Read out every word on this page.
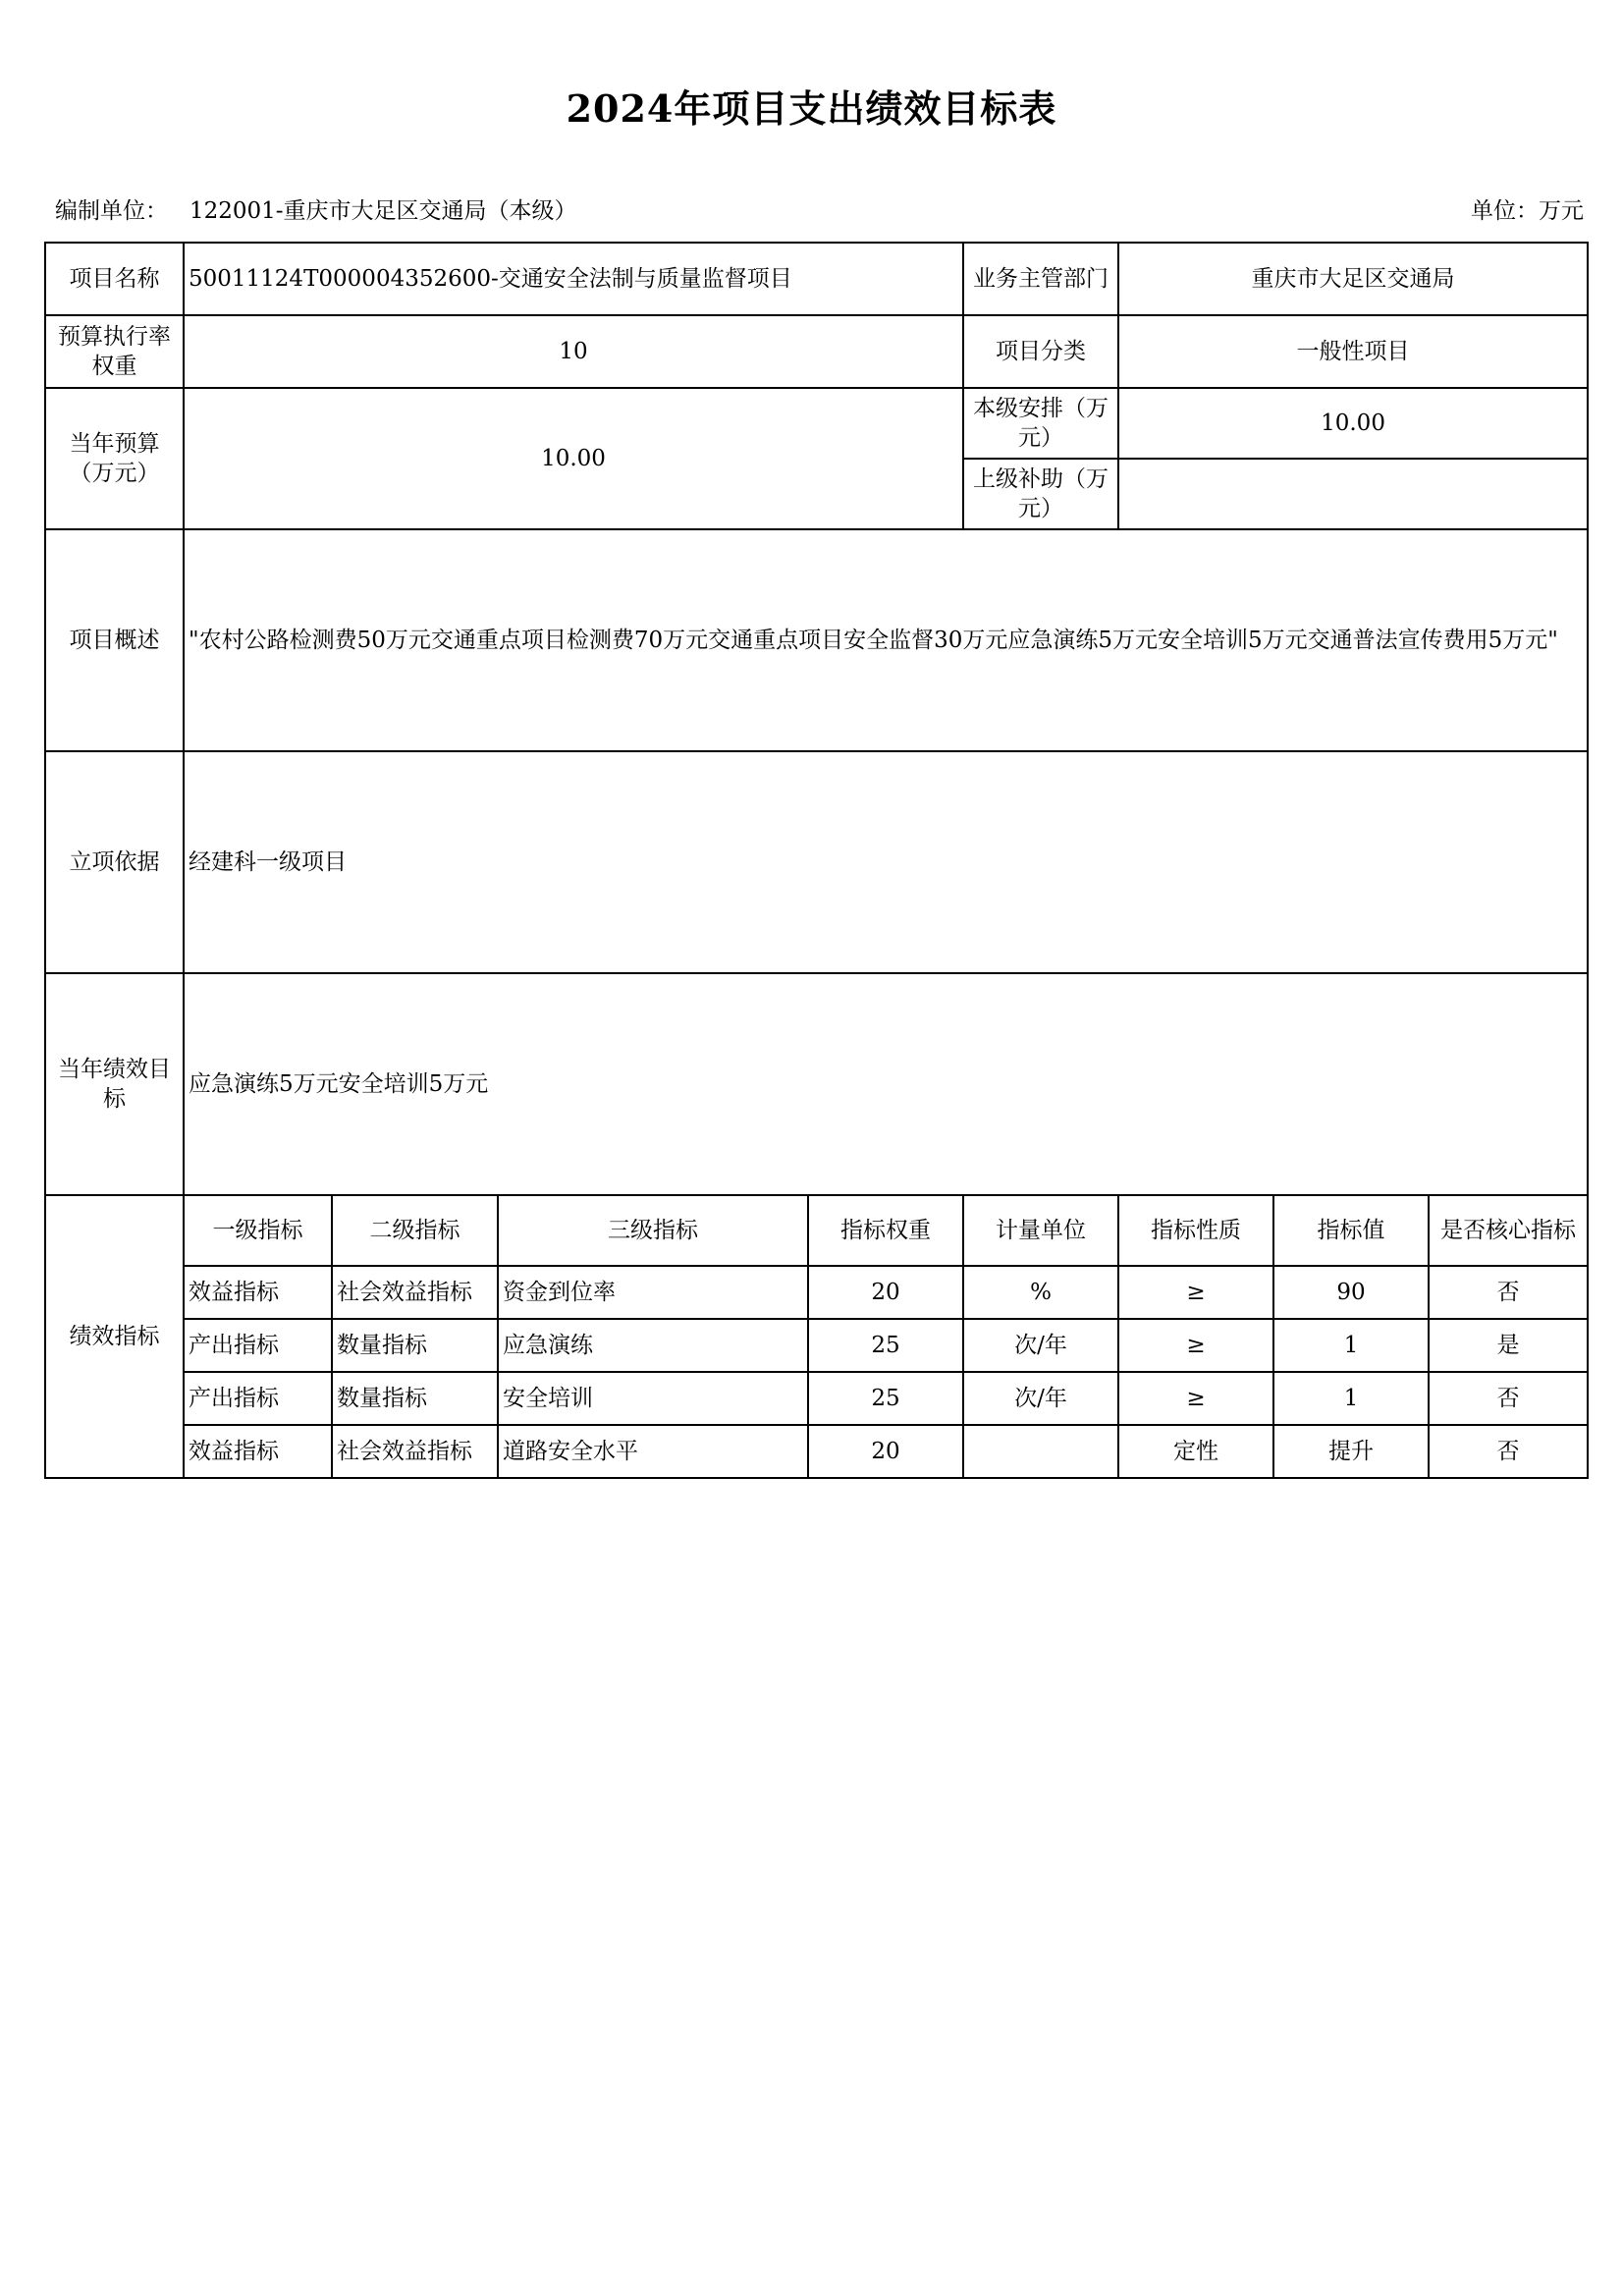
2024年项目支出绩效目标表
编制单位： 122001-重庆市大足区交通局（本级）	单位：万元
项目名称	50011124T000004352600-交通安全法制与质量监督项目				业务主管部门	重庆市大足区交通局		
预算执行率权重	10				项目分类	一般性项目		
当年预算（万元）	10.00				本级安排（万元）	10.00		
					上级补助（万元）			
项目概述	"农村公路检测费50万元交通重点项目检测费70万元交通重点项目安全监督30万元应急演练5万元安全培训5万元交通普法宣传费用5万元"							
立项依据	经建科一级项目							
当年绩效目标	应急演练5万元安全培训5万元							
绩效指标	一级指标	二级指标	三级指标	指标权重	计量单位	指标性质	指标值	是否核心指标
	效益指标	社会效益指标	资金到位率	20	%	≥	90	否
	产出指标	数量指标	应急演练	25	次/年	≥	1	是
	产出指标	数量指标	安全培训	25	次/年	≥	1	否
	效益指标	社会效益指标	道路安全水平	20		定性	提升	否
